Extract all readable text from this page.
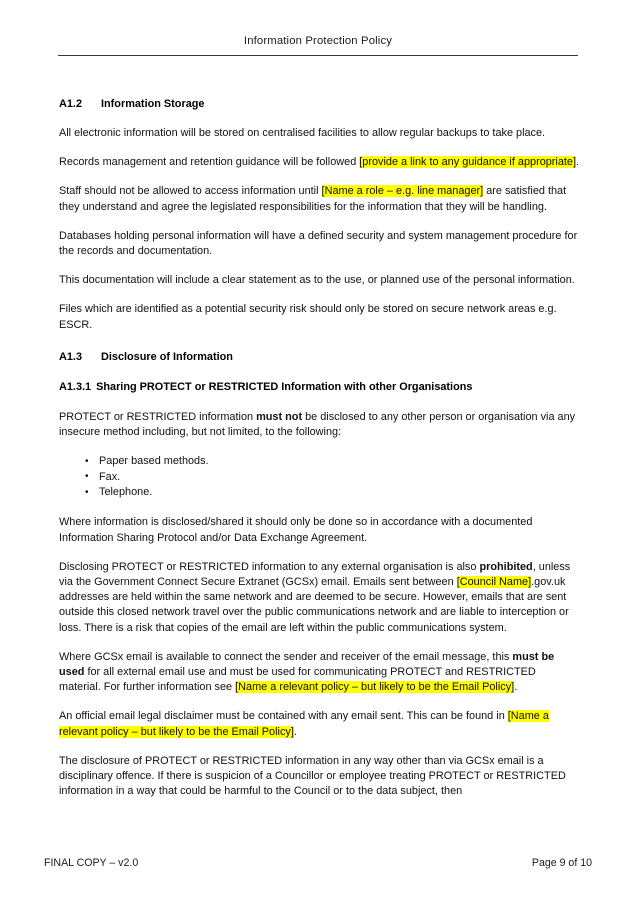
Information Protection Policy
A1.2 Information Storage

All electronic information will be stored on centralised facilities to allow regular backups to take place.

Records management and retention guidance will be followed [provide a link to any guidance if appropriate].

Staff should not be allowed to access information until [Name a role – e.g. line manager] are satisfied that they understand and agree the legislated responsibilities for the information that they will be handling.

Databases holding personal information will have a defined security and system management procedure for the records and documentation.

This documentation will include a clear statement as to the use, or planned use of the personal information.

Files which are identified as a potential security risk should only be stored on secure network areas e.g. ESCR.

A1.3 Disclosure of Information
A1.3.1 Sharing PROTECT or RESTRICTED Information with other Organisations

PROTECT or RESTRICTED information must not be disclosed to any other person or organisation via any insecure method including, but not limited, to the following:

• Paper based methods.
• Fax.
• Telephone.

Where information is disclosed/shared it should only be done so in accordance with a documented Information Sharing Protocol and/or Data Exchange Agreement.

Disclosing PROTECT or RESTRICTED information to any external organisation is also prohibited, unless via the Government Connect Secure Extranet (GCSx) email. Emails sent between [Council Name].gov.uk addresses are held within the same network and are deemed to be secure. However, emails that are sent outside this closed network travel over the public communications network and are liable to interception or loss. There is a risk that copies of the email are left within the public communications system.

Where GCSx email is available to connect the sender and receiver of the email message, this must be used for all external email use and must be used for communicating PROTECT and RESTRICTED material. For further information see [Name a relevant policy – but likely to be the Email Policy].

An official email legal disclaimer must be contained with any email sent. This can be found in [Name a relevant policy – but likely to be the Email Policy].

The disclosure of PROTECT or RESTRICTED information in any way other than via GCSx email is a disciplinary offence. If there is suspicion of a Councillor or employee treating PROTECT or RESTRICTED information in a way that could be harmful to the Council or to the data subject, then

FINAL COPY – v2.0	Page 9 of 10
